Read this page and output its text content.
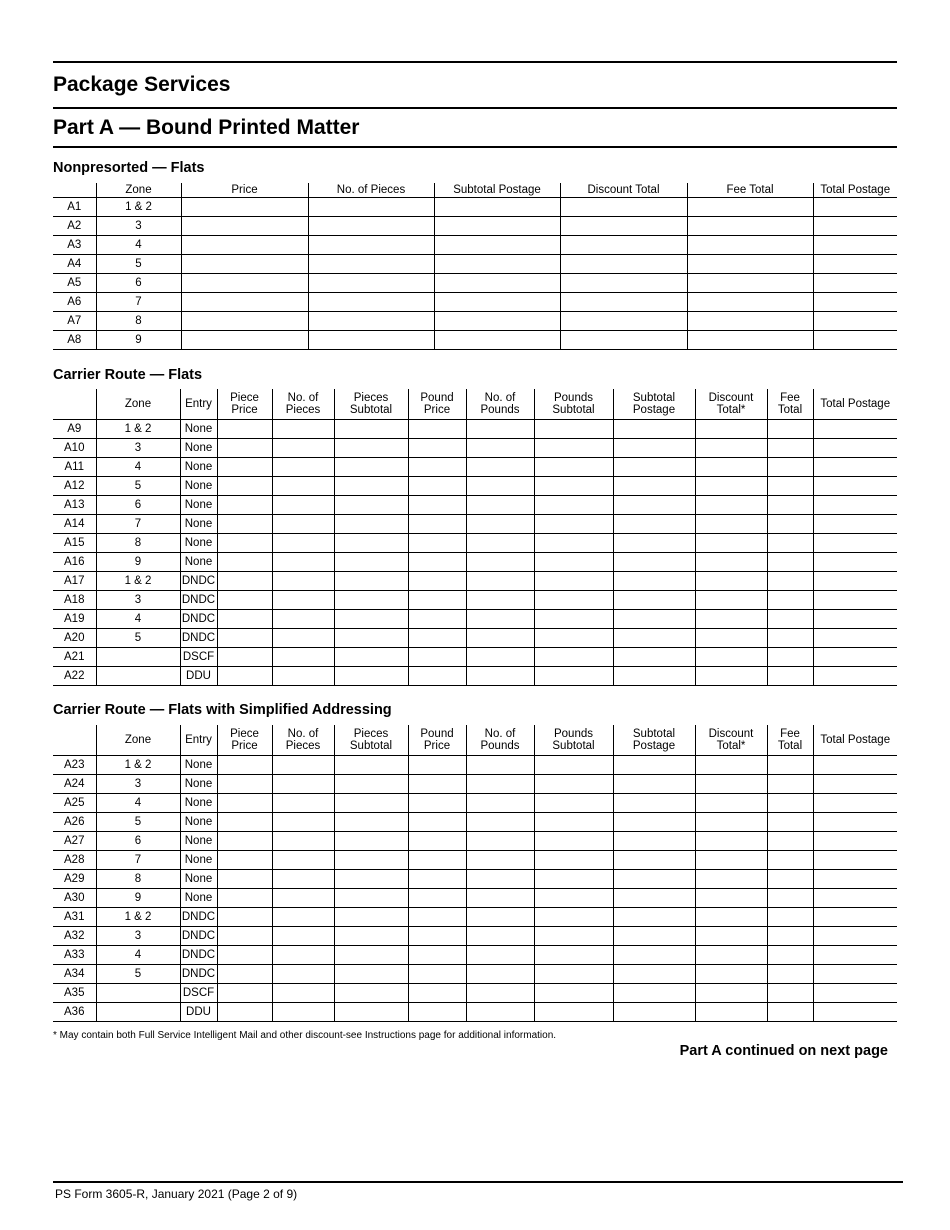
Package Services
Part A — Bound Printed Matter
Nonpresorted — Flats
	Zone	Price	No. of Pieces	Subtotal Postage	Discount Total	Fee Total	Total Postage
A1	1 & 2						
A2	3						
A3	4						
A4	5						
A5	6						
A6	7						
A7	8						
A8	9						
Carrier Route — Flats
	Zone	Entry	Piece Price	No. of Pieces	Pieces Subtotal	Pound Price	No. of Pounds	Pounds Subtotal	Subtotal Postage	Discount Total*	Fee Total	Total Postage
A9	1 & 2	None										
A10	3	None										
A11	4	None										
A12	5	None										
A13	6	None										
A14	7	None										
A15	8	None										
A16	9	None										
A17	1 & 2	DNDC										
A18	3	DNDC										
A19	4	DNDC										
A20	5	DNDC										
A21		DSCF										
A22		DDU										
Carrier Route — Flats with Simplified Addressing
	Zone	Entry	Piece Price	No. of Pieces	Pieces Subtotal	Pound Price	No. of Pounds	Pounds Subtotal	Subtotal Postage	Discount Total*	Fee Total	Total Postage
A23	1 & 2	None										
A24	3	None										
A25	4	None										
A26	5	None										
A27	6	None										
A28	7	None										
A29	8	None										
A30	9	None										
A31	1 & 2	DNDC										
A32	3	DNDC										
A33	4	DNDC										
A34	5	DNDC										
A35		DSCF										
A36		DDU										
* May contain both Full Service Intelligent Mail and other discount-see Instructions page for additional information.
Part A continued on next page
PS Form 3605-R, January 2021 (Page 2 of 9)
